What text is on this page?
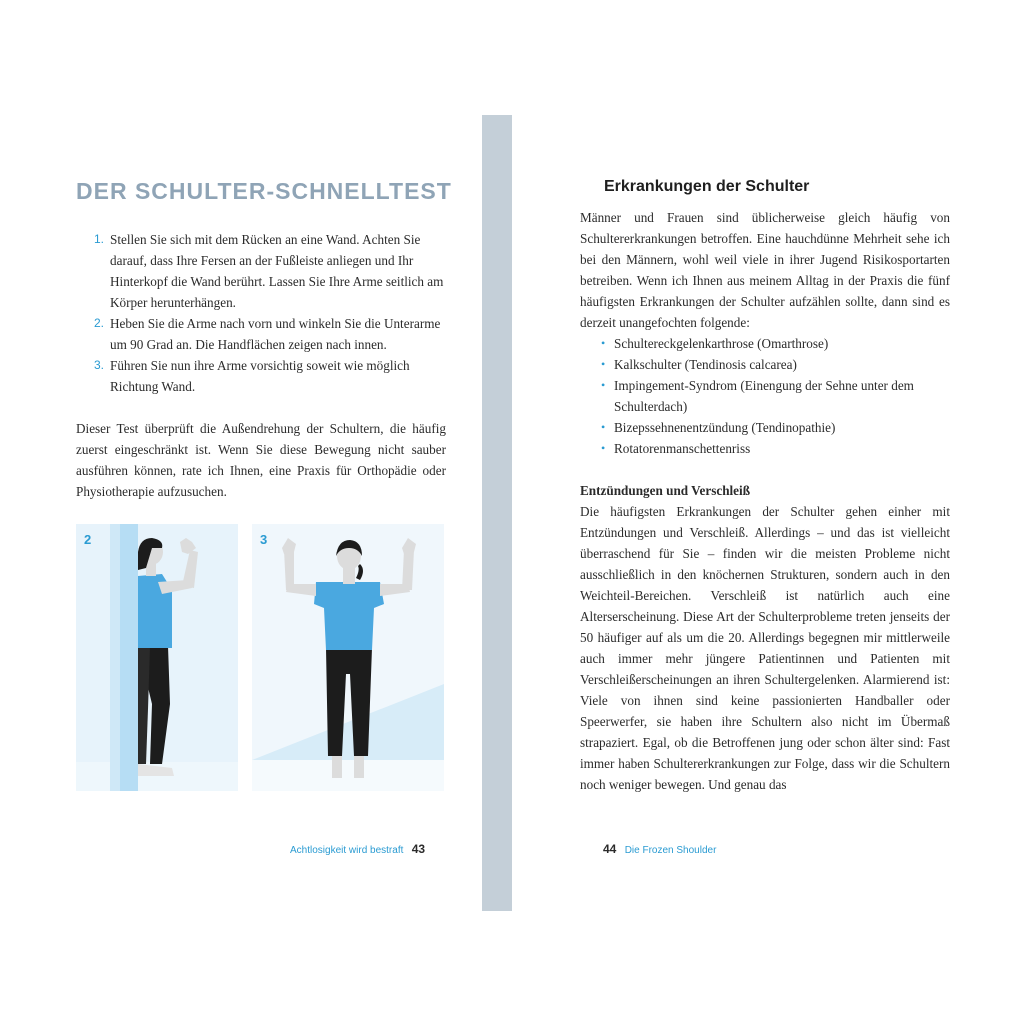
DER SCHULTER-SCHNELLTEST
1. Stellen Sie sich mit dem Rücken an eine Wand. Achten Sie darauf, dass Ihre Fersen an der Fußleiste anliegen und Ihr Hinterkopf die Wand berührt. Lassen Sie Ihre Arme seitlich am Körper herunterhängen.
2. Heben Sie die Arme nach vorn und winkeln Sie die Unterarme um 90 Grad an. Die Handflächen zeigen nach innen.
3. Führen Sie nun ihre Arme vorsichtig soweit wie möglich Richtung Wand.
Dieser Test überprüft die Außendrehung der Schultern, die häufig zuerst eingeschränkt ist. Wenn Sie diese Bewegung nicht sauber ausführen können, rate ich Ihnen, eine Praxis für Orthopädie oder Physiotherapie aufzusuchen.
2	3
Achtlosigkeit wird bestraft 43
Erkrankungen der Schulter

Männer und Frauen sind üblicherweise gleich häufig von Schultererkrankungen betroffen. Eine hauchdünne Mehrheit sehe ich bei den Männern, wohl weil viele in ihrer Jugend Risikosportarten betreiben. Wenn ich Ihnen aus meinem Alltag in der Praxis die fünf häufigsten Erkrankungen der Schulter aufzählen sollte, dann sind es derzeit unangefochten folgende:

• Schultereckgelenkarthrose (Omarthrose)
• Kalkschulter (Tendinosis calcarea)
• Impingement-Syndrom (Einengung der Sehne unter dem Schulterdach)
• Bizepssehnenentzündung (Tendinopathie)
• Rotatorenmanschettenriss

Entzündungen und Verschleiß

Die häufigsten Erkrankungen der Schulter gehen einher mit Entzündungen und Verschleiß. Allerdings – und das ist vielleicht überraschend für Sie – finden wir die meisten Probleme nicht ausschließlich in den knöchernen Strukturen, sondern auch in den Weichteil-Bereichen. Verschleiß ist natürlich auch eine Alterserscheinung. Diese Art der Schulterprobleme treten jenseits der 50 häufiger auf als um die 20. Allerdings begegnen mir mittlerweile auch immer mehr jüngere Patientinnen und Patienten mit Verschleißerscheinungen an ihren Schultergelenken. Alarmierend ist: Viele von ihnen sind keine passionierten Handballer oder Speerwerfer, sie haben ihre Schultern also nicht im Übermaß strapaziert. Egal, ob die Betroffenen jung oder schon älter sind: Fast immer haben Schultererkrankungen zur Folge, dass wir die Schultern noch weniger bewegen. Und genau das

44 Die Frozen Shoulder
